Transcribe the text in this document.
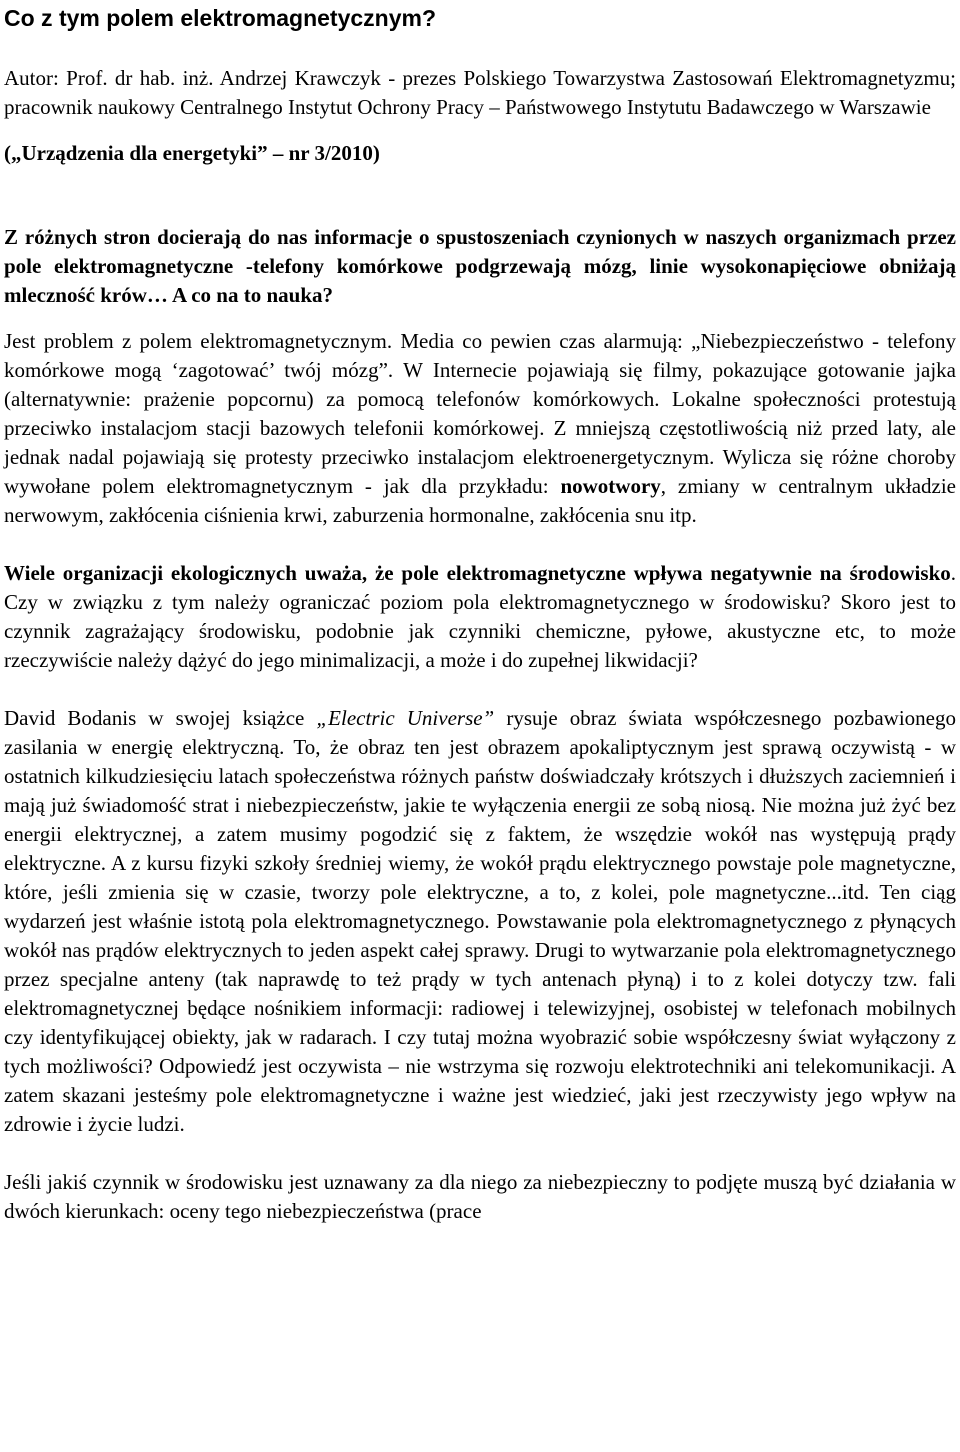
Co z tym polem elektromagnetycznym?

Autor: Prof. dr hab. inż. Andrzej Krawczyk - prezes Polskiego Towarzystwa Zastosowań Elektromagnetyzmu; pracownik naukowy Centralnego Instytut Ochrony Pracy – Państwowego Instytutu Badawczego w Warszawie

(„Urządzenia dla energetyki” – nr 3/2010)

Z różnych stron docierają do nas informacje o spustoszeniach czynionych w naszych organizmach przez pole elektromagnetyczne -telefony komórkowe podgrzewają mózg, linie wysokonapięciowe obniżają mleczność krów… A co na to nauka?

Jest problem z polem elektromagnetycznym. Media co pewien czas alarmują: „Niebezpieczeństwo - telefony komórkowe mogą ‘zagotować’ twój mózg”. W Internecie pojawiają się filmy, pokazujące gotowanie jajka (alternatywnie: prażenie popcornu) za pomocą telefonów komórkowych. Lokalne społeczności protestują przeciwko instalacjom stacji bazowych telefonii komórkowej. Z mniejszą częstotliwością niż przed laty, ale jednak nadal pojawiają się protesty przeciwko instalacjom elektroenergetycznym. Wylicza się różne choroby wywołane polem elektromagnetycznym - jak dla przykładu: nowotwory, zmiany w centralnym układzie nerwowym, zakłócenia ciśnienia krwi, zaburzenia hormonalne, zakłócenia snu itp.

Wiele organizacji ekologicznych uważa, że pole elektromagnetyczne wpływa negatywnie na środowisko. Czy w związku z tym należy ograniczać poziom pola elektromagnetycznego w środowisku? Skoro jest to czynnik zagrażający środowisku, podobnie jak czynniki chemiczne, pyłowe, akustyczne etc, to może rzeczywiście należy dążyć do jego minimalizacji, a może i do zupełnej likwidacji?

David Bodanis w swojej książce „Electric Universe” rysuje obraz świata współczesnego pozbawionego zasilania w energię elektryczną. To, że obraz ten jest obrazem apokaliptycznym jest sprawą oczywistą - w ostatnich kilkudziesięciu latach społeczeństwa różnych państw doświadczały krótszych i dłuższych zaciemnień i mają już świadomość strat i niebezpieczeństw, jakie te wyłączenia energii ze sobą niosą. Nie można już żyć bez energii elektrycznej, a zatem musimy pogodzić się z faktem, że wszędzie wokół nas występują prądy elektryczne. A z kursu fizyki szkoły średniej wiemy, że wokół prądu elektrycznego powstaje pole magnetyczne, które, jeśli zmienia się w czasie, tworzy pole elektryczne, a to, z kolei, pole magnetyczne...itd. Ten ciąg wydarzeń jest właśnie istotą pola elektromagnetycznego. Powstawanie pola elektromagnetycznego z płynących wokół nas prądów elektrycznych to jeden aspekt całej sprawy. Drugi to wytwarzanie pola elektromagnetycznego przez specjalne anteny (tak naprawdę to też prądy w tych antenach płyną) i to z kolei dotyczy tzw. fali elektromagnetycznej będące nośnikiem informacji: radiowej i telewizyjnej, osobistej w telefonach mobilnych czy identyfikującej obiekty, jak w radarach. I czy tutaj można wyobrazić sobie współczesny świat wyłączony z tych możliwości? Odpowiedź jest oczywista – nie wstrzyma się rozwoju elektrotechniki ani telekomunikacji. A zatem skazani jesteśmy pole elektromagnetyczne i ważne jest wiedzieć, jaki jest rzeczywisty jego wpływ na zdrowie i życie ludzi.

Jeśli jakiś czynnik w środowisku jest uznawany za dla niego za niebezpieczny to podjęte muszą być działania w dwóch kierunkach: oceny tego niebezpieczeństwa (prace
